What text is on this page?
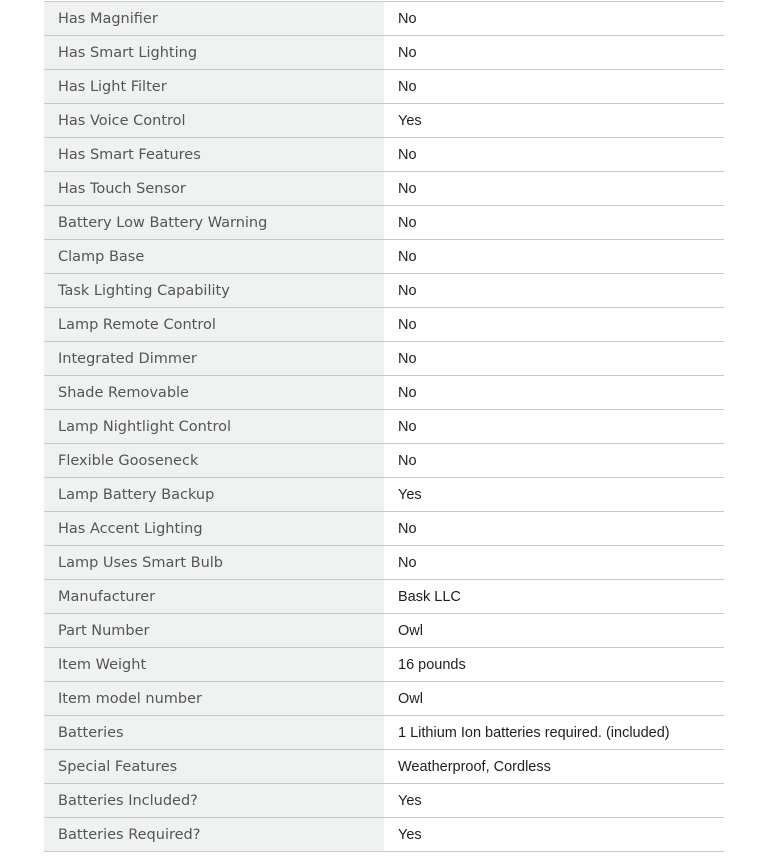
Has Magnifier	No
Has Smart Lighting	No
Has Light Filter	No
Has Voice Control	Yes
Has Smart Features	No
Has Touch Sensor	No
Battery Low Battery Warning	No
Clamp Base	No
Task Lighting Capability	No
Lamp Remote Control	No
Integrated Dimmer	No
Shade Removable	No
Lamp Nightlight Control	No
Flexible Gooseneck	No
Lamp Battery Backup	Yes
Has Accent Lighting	No
Lamp Uses Smart Bulb	No
Manufacturer	Bask LLC
Part Number	Owl
Item Weight	16 pounds
Item model number	Owl
Batteries	1 Lithium Ion batteries required. (included)
Special Features	Weatherproof, Cordless
Batteries Included?	Yes
Batteries Required?	Yes
